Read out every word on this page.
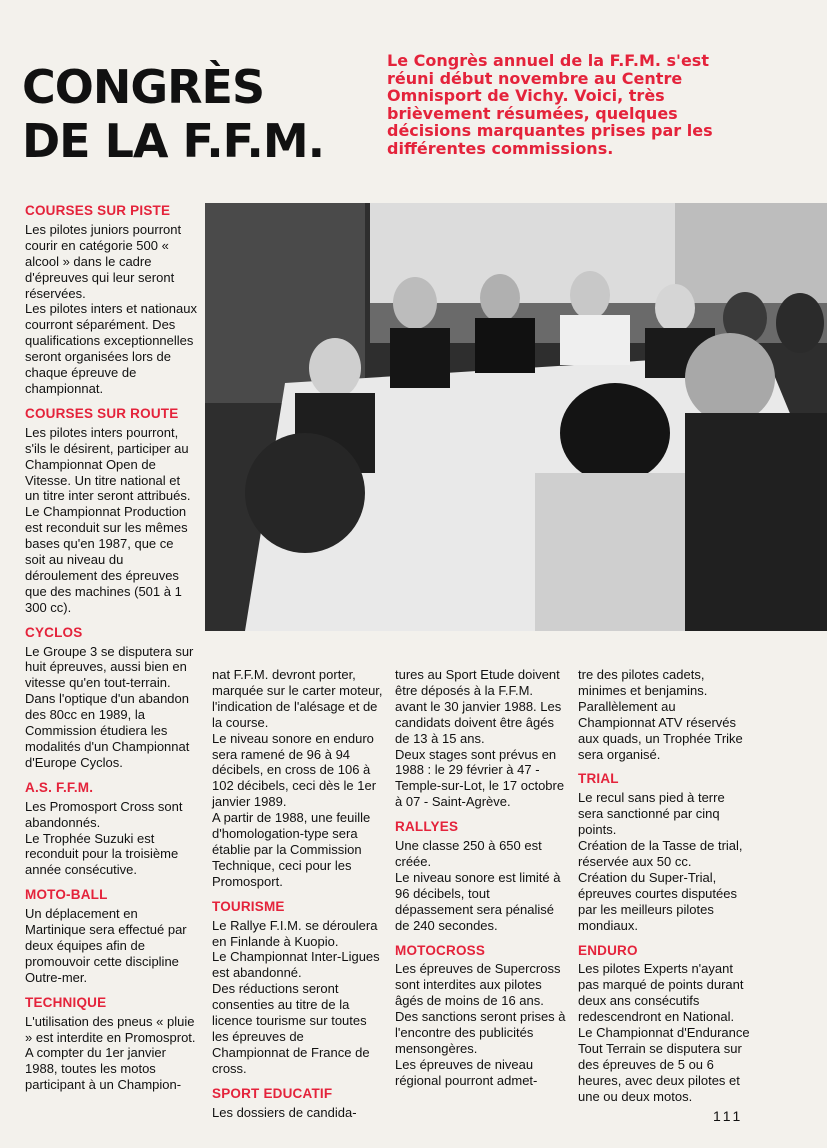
CONGRÈS
DE LA F.F.M.
Le Congrès annuel de la F.F.M. s'est réuni début novembre au Centre Omnisport de Vichy. Voici, très brièvement résumées, quelques décisions marquantes prises par les différentes commissions.
COURSES SUR PISTE

Les pilotes juniors pourront courir en catégorie 500 « alcool » dans le cadre d'épreuves qui leur seront réservées.

Les pilotes inters et nationaux courront séparément. Des qualifications exceptionnelles seront organisées lors de chaque épreuve de championnat.

COURSES SUR ROUTE

Les pilotes inters pourront, s'ils le désirent, participer au Championnat Open de Vitesse. Un titre national et un titre inter seront attribués.

Le Championnat Production est reconduit sur les mêmes bases qu'en 1987, que ce soit au niveau du déroulement des épreuves que des machines (501 à 1 300 cc).

CYCLOS

Le Groupe 3 se disputera sur huit épreuves, aussi bien en vitesse qu'en tout-terrain. Dans l'optique d'un abandon des 80cc en 1989, la Commission étudiera les modalités d'un Championnat d'Europe Cyclos.

A.S. F.F.M.

Les Promosport Cross sont abandonnés.

Le Trophée Suzuki est reconduit pour la troisième année consécutive.

MOTO-BALL

Un déplacement en Martinique sera effectué par deux équipes afin de promouvoir cette discipline Outre-mer.

TECHNIQUE

L'utilisation des pneus « pluie » est interdite en Promosprot.

A compter du 1er janvier 1988, toutes les motos participant à un Champion-

nat F.F.M. devront porter, marquée sur le carter moteur, l'indication de l'alésage et de la course.

Le niveau sonore en enduro sera ramené de 96 à 94 décibels, en cross de 106 à 102 décibels, ceci dès le 1er janvier 1989.

A partir de 1988, une feuille d'homologation-type sera établie par la Commission Technique, ceci pour les Promosport.

TOURISME

Le Rallye F.I.M. se déroulera en Finlande à Kuopio.

Le Championnat Inter-Ligues est abandonné.

Des réductions seront consenties au titre de la licence tourisme sur toutes les épreuves de Championnat de France de cross.

SPORT EDUCATIF

Les dossiers de candida-

tures au Sport Etude doivent être déposés à la F.F.M. avant le 30 janvier 1988. Les candidats doivent être âgés de 13 à 15 ans.

Deux stages sont prévus en 1988 : le 29 février à 47 - Temple-sur-Lot, le 17 octobre à 07 - Saint-Agrève.

RALLYES

Une classe 250 à 650 est créée.

Le niveau sonore est limité à 96 décibels, tout dépassement sera pénalisé de 240 secondes.

MOTOCROSS

Les épreuves de Supercross sont interdites aux pilotes âgés de moins de 16 ans.

Des sanctions seront prises à l'encontre des publicités mensongères.

Les épreuves de niveau régional pourront admet-

tre des pilotes cadets, minimes et benjamins.

Parallèlement au Championnat ATV réservés aux quads, un Trophée Trike sera organisé.

TRIAL

Le recul sans pied à terre sera sanctionné par cinq points.

Création de la Tasse de trial, réservée aux 50 cc.

Création du Super-Trial, épreuves courtes disputées par les meilleurs pilotes mondiaux.

ENDURO

Les pilotes Experts n'ayant pas marqué de points durant deux ans consécutifs redescendront en National.

Le Championnat d'Endurance Tout Terrain se disputera sur des épreuves de 5 ou 6 heures, avec deux pilotes et une ou deux motos.

111
